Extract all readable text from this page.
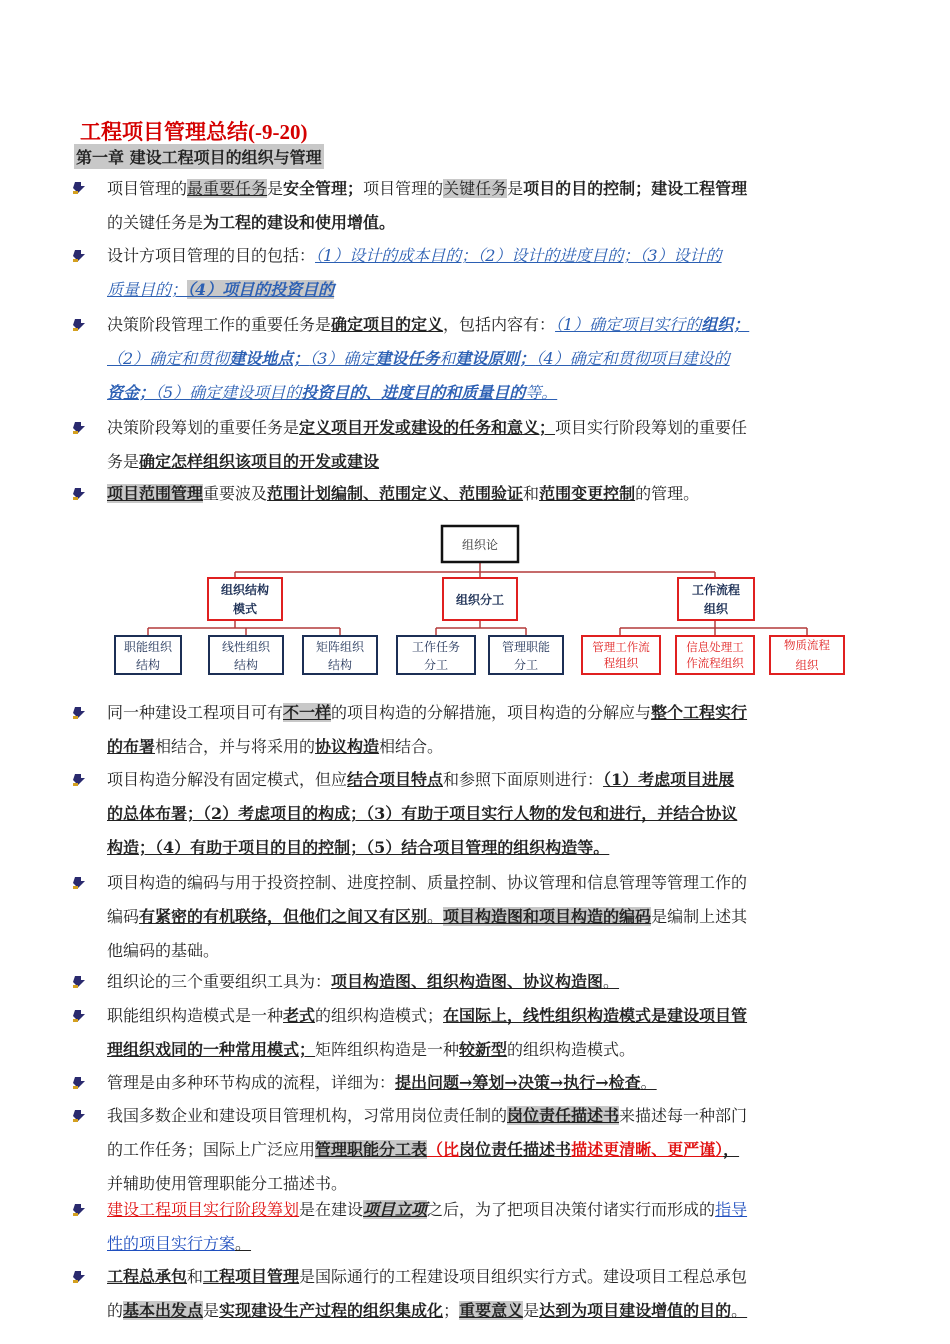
工程项目管理总结(-9-20)
第一章 建设工程项目的组织与管理
项目管理的最重要任务是安全管理；项目管理的关键任务是项目的目的控制；建设工程管理
的关键任务是为工程的建设和使用增值。
设计方项目管理的目的包括：（1）设计的成本目的；（2）设计的进度目的；（3）设计的
质量目的；（4）项目的投资目的
决策阶段管理工作的重要任务是确定项目的定义，包括内容有：（1）确定项目实行的组织；
（2）确定和贯彻建设地点；（3）确定建设任务和建设原则；（4）确定和贯彻项目建设的
资金；（5）确定建设项目的投资目的、进度目的和质量目的等。
决策阶段筹划的重要任务是定义项目开发或建设的任务和意义；项目实行阶段筹划的重要任
务是确定怎样组织该项目的开发或建设
项目范围管理重要波及范围计划编制、范围定义、范围验证和范围变更控制的管理。
组织论
组织结构
模式
组织分工
工作流程
组织
职能组织
结构
线性组织
结构
矩阵组织
结构
工作任务
分工
管理职能
分工
管理工作流
程组织
信息处理工
作流程组织
物质流程
组织
同一种建设工程项目可有不一样的项目构造的分解措施，项目构造的分解应与整个工程实行
的布署相结合，并与将采用的协议构造相结合。
项目构造分解没有固定模式，但应结合项目特点和参照下面原则进行：（1）考虑项目进展
的总体布署；（2）考虑项目的构成；（3）有助于项目实行人物的发包和进行，并结合协议
构造；（4）有助于项目的目的控制；（5）结合项目管理的组织构造等。
项目构造的编码与用于投资控制、进度控制、质量控制、协议管理和信息管理等管理工作的
编码有紧密的有机联络，但他们之间又有区别。项目构造图和项目构造的编码是编制上述其
他编码的基础。
组织论的三个重要组织工具为：项目构造图、组织构造图、协议构造图。
职能组织构造模式是一种老式的组织构造模式；在国际上，线性组织构造模式是建设项目管
理组织戏同的一种常用模式；矩阵组织构造是一种较新型的组织构造模式。
管理是由多种环节构成的流程，详细为：提出问题→筹划→决策→执行→检查。
我国多数企业和建设项目管理机构，习常用岗位责任制的岗位责任描述书来描述每一种部门
的工作任务；国际上广泛应用管理职能分工表（比岗位责任描述书描述更清晰、更严谨），
并辅助使用管理职能分工描述书。
建设工程项目实行阶段筹划是在建设项目立项之后，为了把项目决策付诸实行而形成的指导
性的项目实行方案。
工程总承包和工程项目管理是国际通行的工程建设项目组织实行方式。建设项目工程总承包
的基本出发点是实现建设生产过程的组织集成化；重要意义是达到为项目建设增值的目的。
